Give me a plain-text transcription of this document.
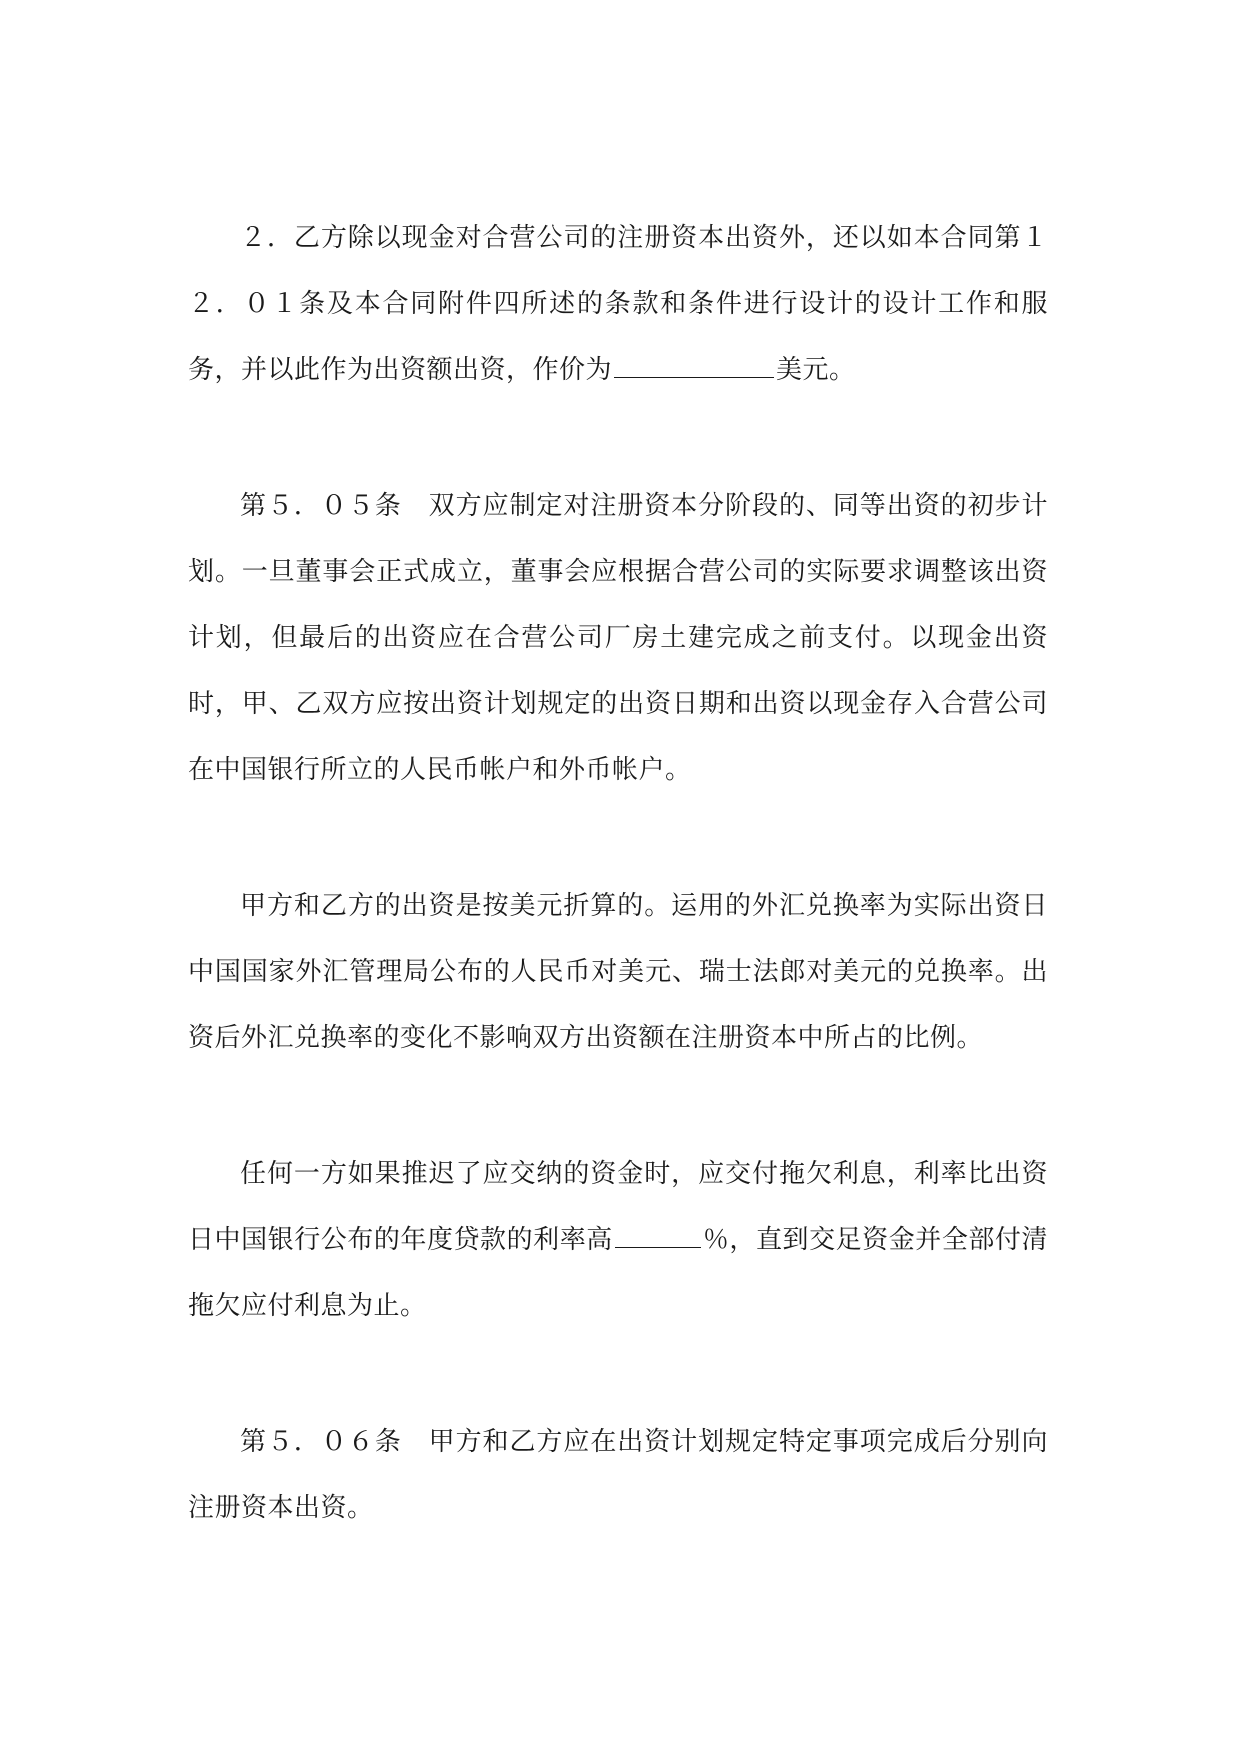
２．乙方除以现金对合营公司的注册资本出资外，还以如本合同第１２．０１条及本合同附件四所述的条款和条件进行设计的设计工作和服务，并以此作为出资额出资，作价为	美元。

第５．０５条　双方应制定对注册资本分阶段的、同等出资的初步计划。一旦董事会正式成立，董事会应根据合营公司的实际要求调整该出资计划，但最后的出资应在合营公司厂房土建完成之前支付。以现金出资时，甲、乙双方应按出资计划规定的出资日期和出资以现金存入合营公司在中国银行所立的人民币帐户和外币帐户。

甲方和乙方的出资是按美元折算的。运用的外汇兑换率为实际出资日中国国家外汇管理局公布的人民币对美元、瑞士法郎对美元的兑换率。出资后外汇兑换率的变化不影响双方出资额在注册资本中所占的比例。

任何一方如果推迟了应交纳的资金时，应交付拖欠利息，利率比出资日中国银行公布的年度贷款的利率高	％，直到交足资金并全部付清拖欠应付利息为止。

第５．０６条　甲方和乙方应在出资计划规定特定事项完成后分别向注册资本出资。
